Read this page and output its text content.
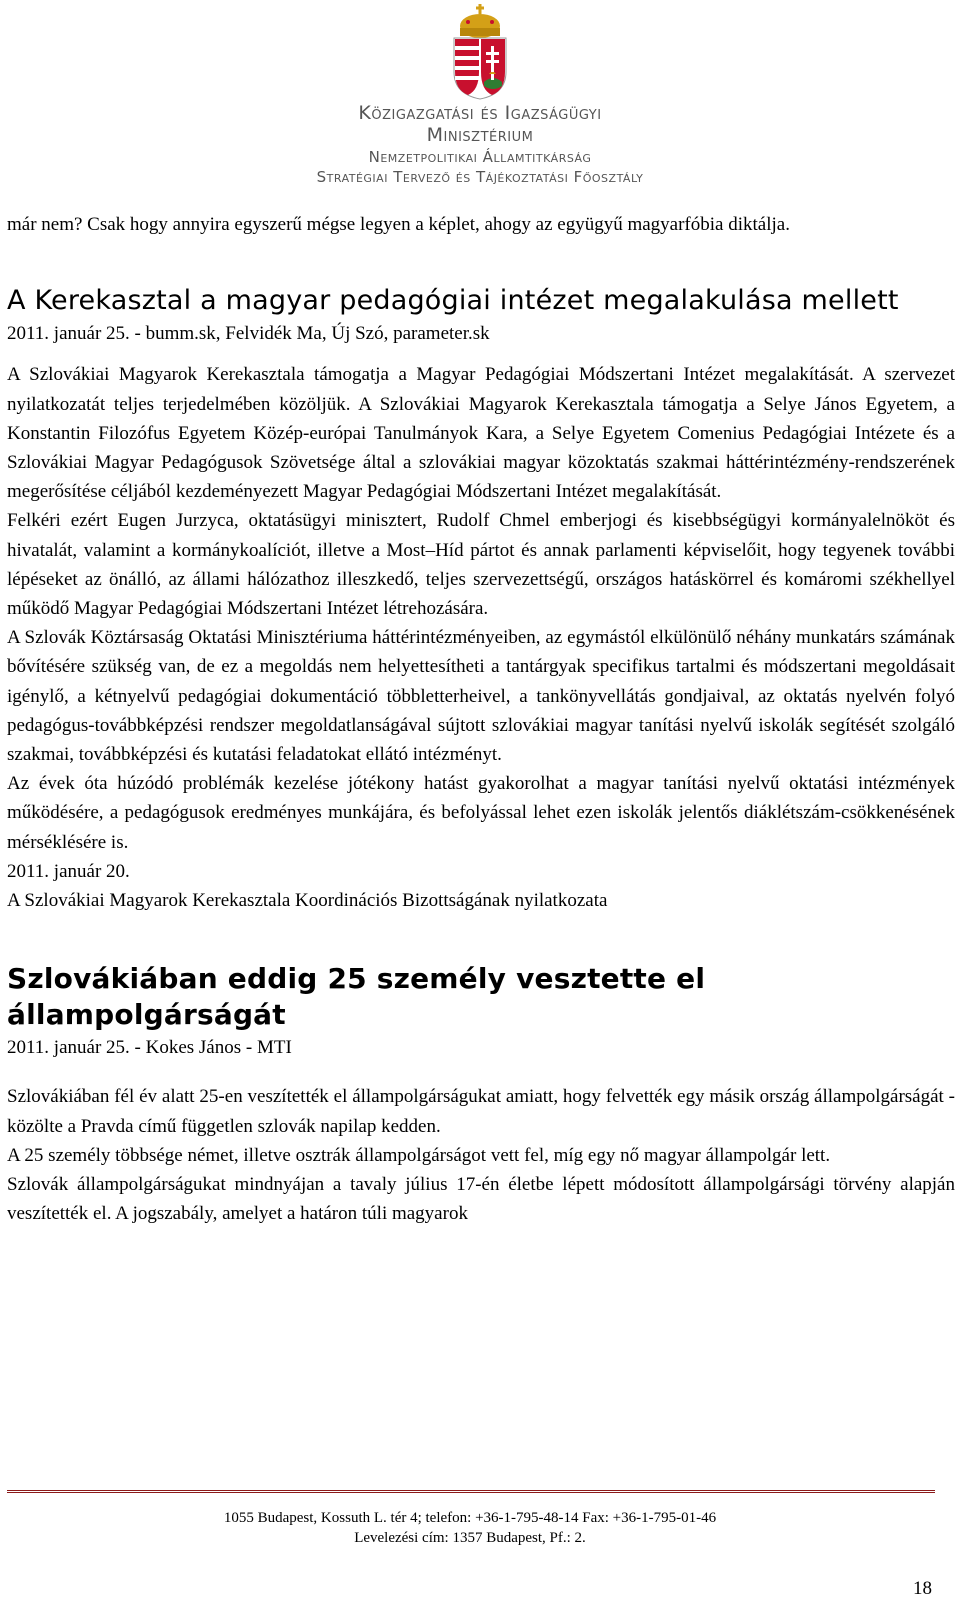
Közigazgatási és Igazságügyi
Minisztérium
Nemzetpolitikai Államtitkárság
Stratégiai Tervező és Tájékoztatási Főosztály

már nem? Csak hogy annyira egyszerű mégse legyen a képlet, ahogy az együgyű magyarfóbia diktálja.

A Kerekasztal a magyar pedagógiai intézet megalakulása mellett

2011. január 25. - bumm.sk, Felvidék Ma, Új Szó, parameter.sk

A Szlovákiai Magyarok Kerekasztala támogatja a Magyar Pedagógiai Módszertani Intézet megalakítását. A szervezet nyilatkozatát teljes terjedelmében közöljük. A Szlovákiai Magyarok Kerekasztala támogatja a Selye János Egyetem, a Konstantin Filozófus Egyetem Közép-európai Tanulmányok Kara, a Selye Egyetem Comenius Pedagógiai Intézete és a Szlovákiai Magyar Pedagógusok Szövetsége által a szlovákiai magyar közoktatás szakmai háttérintézmény-rendszerének megerősítése céljából kezdeményezett Magyar Pedagógiai Módszertani Intézet megalakítását.

Felkéri ezért Eugen Jurzyca, oktatásügyi minisztert, Rudolf Chmel emberjogi és kisebbségügyi kormányalelnököt és hivatalát, valamint a kormánykoalíciót, illetve a Most–Híd pártot és annak parlamenti képviselőit, hogy tegyenek további lépéseket az önálló, az állami hálózathoz illeszkedő, teljes szervezettségű, országos hatáskörrel és komáromi székhellyel működő Magyar Pedagógiai Módszertani Intézet létrehozására.

A Szlovák Köztársaság Oktatási Minisztériuma háttérintézményeiben, az egymástól elkülönülő néhány munkatárs számának bővítésére szükség van, de ez a megoldás nem helyettesítheti a tantárgyak specifikus tartalmi és módszertani megoldásait igénylő, a kétnyelvű pedagógiai dokumentáció többletterheivel, a tankönyvellátás gondjaival, az oktatás nyelvén folyó pedagógus-továbbképzési rendszer megoldatlanságával sújtott szlovákiai magyar tanítási nyelvű iskolák segítését szolgáló szakmai, továbbképzési és kutatási feladatokat ellátó intézményt.

Az évek óta húzódó problémák kezelése jótékony hatást gyakorolhat a magyar tanítási nyelvű oktatási intézmények működésére, a pedagógusok eredményes munkájára, és befolyással lehet ezen iskolák jelentős diáklétszám-csökkenésének mérséklésére is.

2011. január 20.

A Szlovákiai Magyarok Kerekasztala Koordinációs Bizottságának nyilatkozata

Szlovákiában eddig 25 személy vesztette el állampolgárságát

2011. január 25. - Kokes János - MTI

Szlovákiában fél év alatt 25-en veszítették el állampolgárságukat amiatt, hogy felvették egy másik ország állampolgárságát - közölte a Pravda című független szlovák napilap kedden.

A 25 személy többsége német, illetve osztrák állampolgárságot vett fel, míg egy nő magyar állampolgár lett.

Szlovák állampolgárságukat mindnyájan a tavaly július 17-én életbe lépett módosított állampolgársági törvény alapján veszítették el. A jogszabály, amelyet a határon túli magyarok

1055 Budapest, Kossuth L. tér 4; telefon: +36-1-795-48-14 Fax: +36-1-795-01-46
Levelezési cím: 1357 Budapest, Pf.: 2.
18
